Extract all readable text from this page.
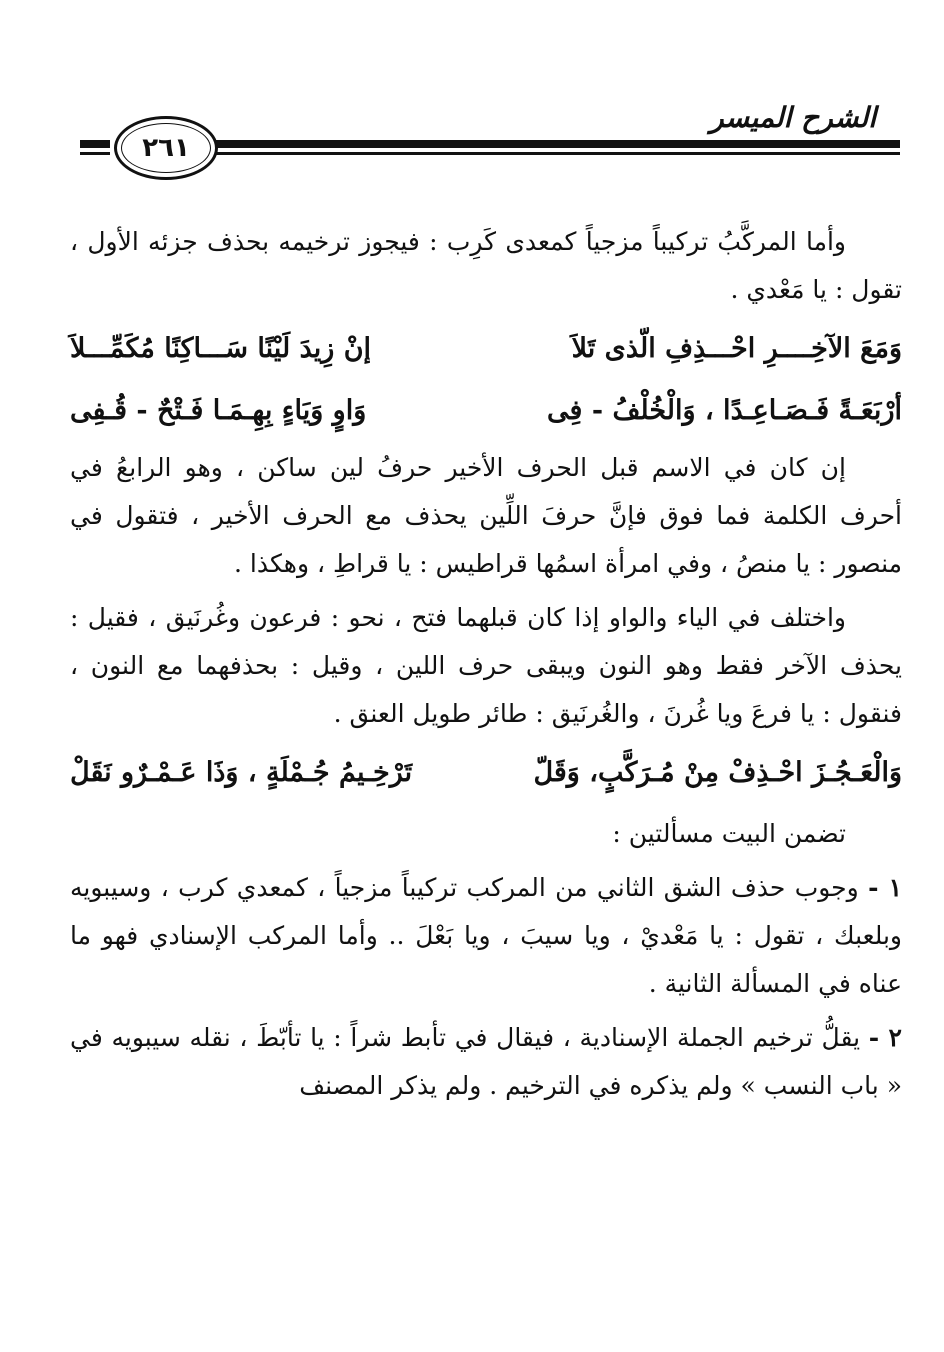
الشرح الميسر
٢٦١

وأما المركَّبُ تركيباً مزجياً كمعدى كَرِب : فيجوز ترخيمه بحذف جزئه الأول ، تقول : يا مَعْدي .

وَمَعَ الآخِــــرِ احْـــذِفِ الّذى تَلاَ
إنْ زِيدَ لَيْنًا سَـــاكِنًا مُكَمِّـــلاَ
أرْبَعَـةً فَـصَـاعِـدًا ، وَالْخُلْفُ - فِى
وَاوٍ وَيَاءٍ بِهِـمَـا فَـتْحٌ - قُـفِى

إن كان في الاسم قبل الحرف الأخير حرفُ لين ساكن ، وهو الرابعُ في أحرف الكلمة فما فوق فإنَّ حرفَ اللِّين يحذف مع الحرف الأخير ، فتقول في منصور : يا منصُ ، وفي امرأة اسمُها قراطيس : يا قراطِ ، وهكذا .

واختلف في الياء والواو إذا كان قبلهما فتح ، نحو : فرعون وغُرنَيق ، فقيل : يحذف الآخر فقط وهو النون ويبقى حرف اللين ، وقيل : بحذفهما مع النون ، فنقول : يا فرعَ ويا غُرنَ ، والغُرنَيق : طائر طويل العنق .

وَالْعَـجُـزَ احْـذِفْ مِنْ مُـرَكَّبٍ، وَقَلّ
تَرْخِـيمُ جُـمْلَةٍ ، وَذَا عَـمْـرٌو نَقَلْ

تضمن البيت مسألتين :

١ - وجوب حذف الشق الثاني من المركب تركيباً مزجياً ، كمعدي كرب ، وسيبويه وبلعبك ، تقول : يا مَعْديْ ، ويا سيبَ ، ويا بَعْلَ .. وأما المركب الإسنادي فهو ما عناه في المسألة الثانية .

٢ - يقلُّ ترخيم الجملة الإسنادية ، فيقال في تأبط شراً : يا تأبّطَ ، نقله سيبويه في « باب النسب » ولم يذكره في الترخيم . ولم يذكر المصنف
